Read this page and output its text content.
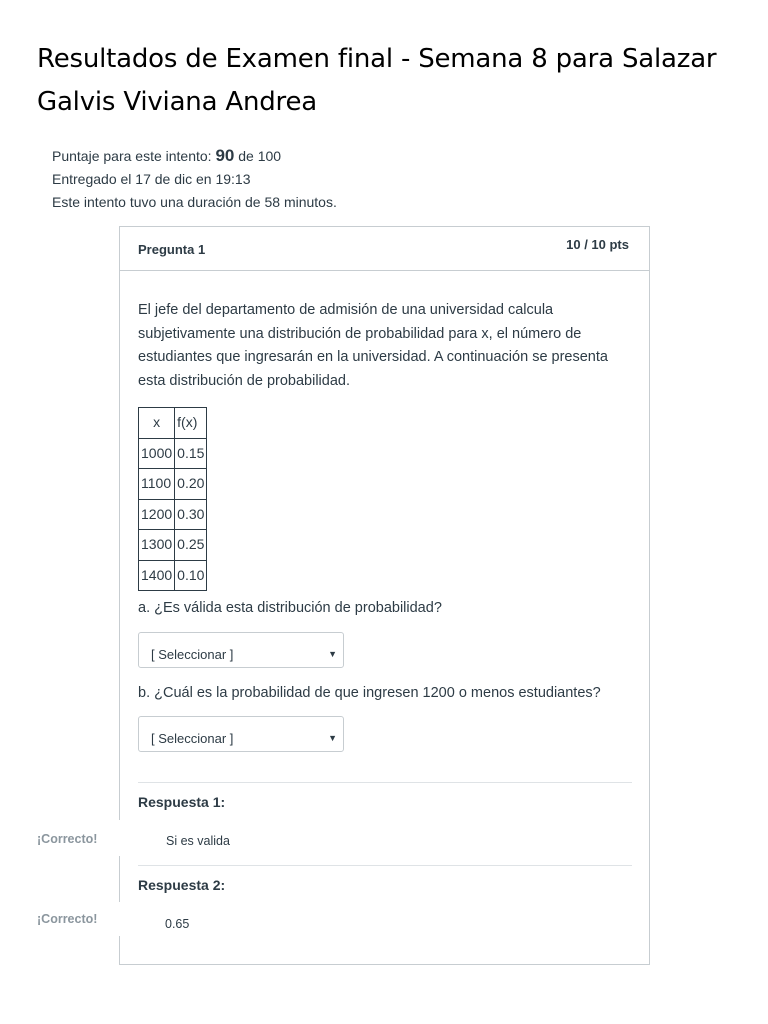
Resultados de Examen final - Semana 8 para Salazar Galvis Viviana Andrea
Puntaje para este intento: 90 de 100
Entregado el 17 de dic en 19:13
Este intento tuvo una duración de 58 minutos.
Pregunta 1	10 / 10 pts
El jefe del departamento de admisión de una universidad calcula subjetivamente una distribución de probabilidad para x, el número de estudiantes que ingresarán en la universidad. A continuación se presenta esta distribución de probabilidad.
x	f(x)
1000	0.15
1100	0.20
1200	0.30
1300	0.25
1400	0.10
a. ¿Es válida esta distribución de probabilidad?
[ Seleccionar ]	▼
b. ¿Cuál es la probabilidad de que ingresen 1200 o menos estudiantes?
[ Seleccionar ]	▼
Respuesta 1:
Si es valida
Respuesta 2:
0.65
¡Correcto!
¡Correcto!
